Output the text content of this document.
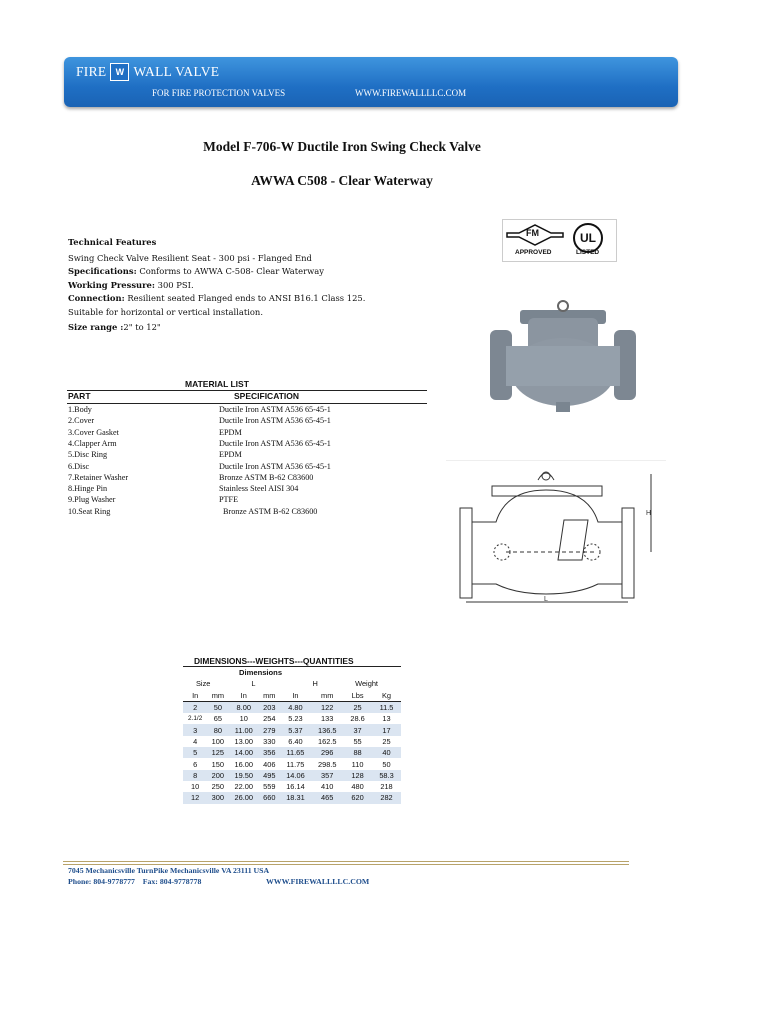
FIRE	W WALL VALVE
FOR FIRE PROTECTION VALVES	WWW.FIREWALLLLC.COM
Model F-706-W Ductile Iron Swing Check Valve
AWWA C508 - Clear Waterway
Technical Features
Swing Check Valve Resilient Seat - 300 psi - Flanged End
Specifications: Conforms to AWWA C-508- Clear Waterway
Working Pressure: 300 PSI.
Connection: Resilient seated Flanged ends to ANSI B16.1 Class 125.
Suitable for horizontal or vertical installation.
Size range :2" to 12"
FM
APPROVED
UL
LISTED
H
L
MATERIAL LIST
PART	SPECIFICATION
1.Body	Ductile Iron ASTM A536 65-45-1
2.Cover	Ductile Iron ASTM A536 65-45-1
3.Cover Gasket	EPDM
4.Clapper Arm	Ductile Iron ASTM A536 65-45-1
5.Disc Ring	EPDM
6.Disc	Ductile Iron ASTM A536 65-45-1
7.Retainer Washer	Bronze ASTM B-62 C83600
8.Hinge Pin	Stainless Steel AISI 304
9.Plug Washer	PTFE
10.Seat Ring	Bronze ASTM B-62 C83600
DIMENSIONS---WEIGHTS---QUANTITIES
Dimensions							
Size		L		H		Weight	
In	mm	In	mm	In	mm	Lbs	Kg
2	50	8.00	203	4.80	122	25	11.5
2.1/2	65	10	254	5.23	133	28.6	13
3	80	11.00	279	5.37	136.5	37	17
4	100	13.00	330	6.40	162.5	55	25
5	125	14.00	356	11.65	296	88	40
6	150	16.00	406	11.75	298.5	110	50
8	200	19.50	495	14.06	357	128	58.3
10	250	22.00	559	16.14	410	480	218
12	300	26.00	660	18.31	465	620	282
7045 Mechanicsville TurnPike Mechanicsville VA 23111 USA
Phone: 804-9778777    Fax: 804-9778778	WWW.FIREWALLLLC.COM
